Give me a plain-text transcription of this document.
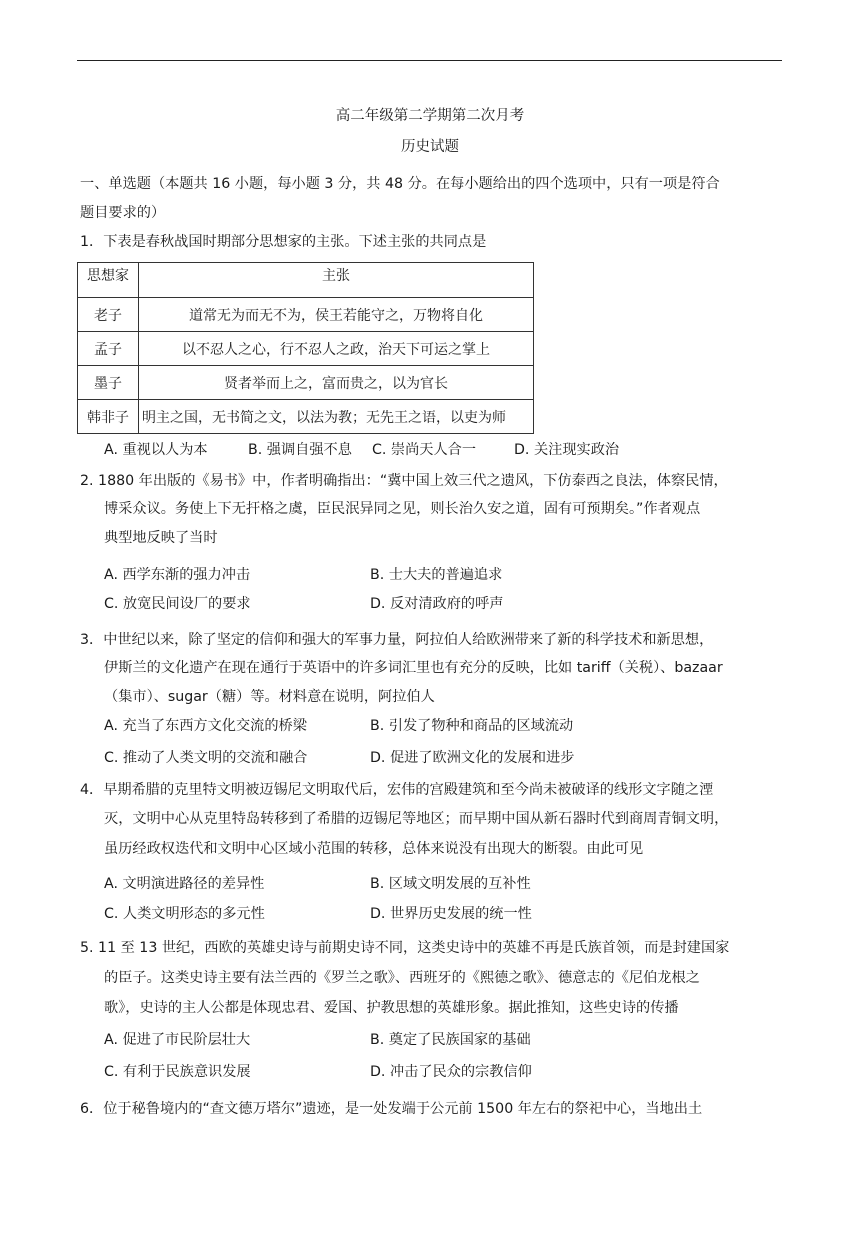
高二年级第二学期第二次月考
历史试题
一、单选题（本题共 16 小题，每小题 3 分，共 48 分。在每小题给出的四个选项中，只有一项是符合
题目要求的）
1．下表是春秋战国时期部分思想家的主张。下述主张的共同点是
思想家	主张
老子	道常无为而无不为，侯王若能守之，万物将自化
孟子	以不忍人之心，行不忍人之政，治天下可运之掌上
墨子	贤者举而上之，富而贵之，以为官长
韩非子	明主之国，无书简之文，以法为教；无先王之语，以吏为师
A. 重视以人为本	B. 强调自强不息 C. 崇尚天人合一	D. 关注现实政治
2. 1880 年出版的《易书》中，作者明确指出：“冀中国上效三代之遗风，下仿泰西之良法，体察民情，
博采众议。务使上下无扞格之虞，臣民泯异同之见，则长治久安之道，固有可预期矣。”作者观点
典型地反映了当时
A. 西学东渐的强力冲击	B. 士大夫的普遍追求
C. 放宽民间设厂的要求	D. 反对清政府的呼声
3．中世纪以来，除了坚定的信仰和强大的军事力量，阿拉伯人给欧洲带来了新的科学技术和新思想，
伊斯兰的文化遗产在现在通行于英语中的许多词汇里也有充分的反映，比如 tariff（关税）、bazaar
（集市）、sugar（糖）等。材料意在说明，阿拉伯人
A. 充当了东西方文化交流的桥梁	B. 引发了物种和商品的区域流动
C. 推动了人类文明的交流和融合	D. 促进了欧洲文化的发展和进步
4．早期希腊的克里特文明被迈锡尼文明取代后，宏伟的宫殿建筑和至今尚未被破译的线形文字随之湮
灭，文明中心从克里特岛转移到了希腊的迈锡尼等地区；而早期中国从新石器时代到商周青铜文明，
虽历经政权迭代和文明中心区域小范围的转移，总体来说没有出现大的断裂。由此可见
A. 文明演进路径的差异性	B. 区域文明发展的互补性
C. 人类文明形态的多元性	D. 世界历史发展的统一性
5. 11 至 13 世纪，西欧的英雄史诗与前期史诗不同，这类史诗中的英雄不再是氏族首领，而是封建国家
的臣子。这类史诗主要有法兰西的《罗兰之歌》、西班牙的《熙德之歌》、德意志的《尼伯龙根之
歌》，史诗的主人公都是体现忠君、爱国、护教思想的英雄形象。据此推知，这些史诗的传播
A. 促进了市民阶层壮大	B. 奠定了民族国家的基础
C. 有利于民族意识发展	D. 冲击了民众的宗教信仰
6．位于秘鲁境内的“查文德万塔尔”遗迹，是一处发端于公元前 1500 年左右的祭祀中心，当地出土
